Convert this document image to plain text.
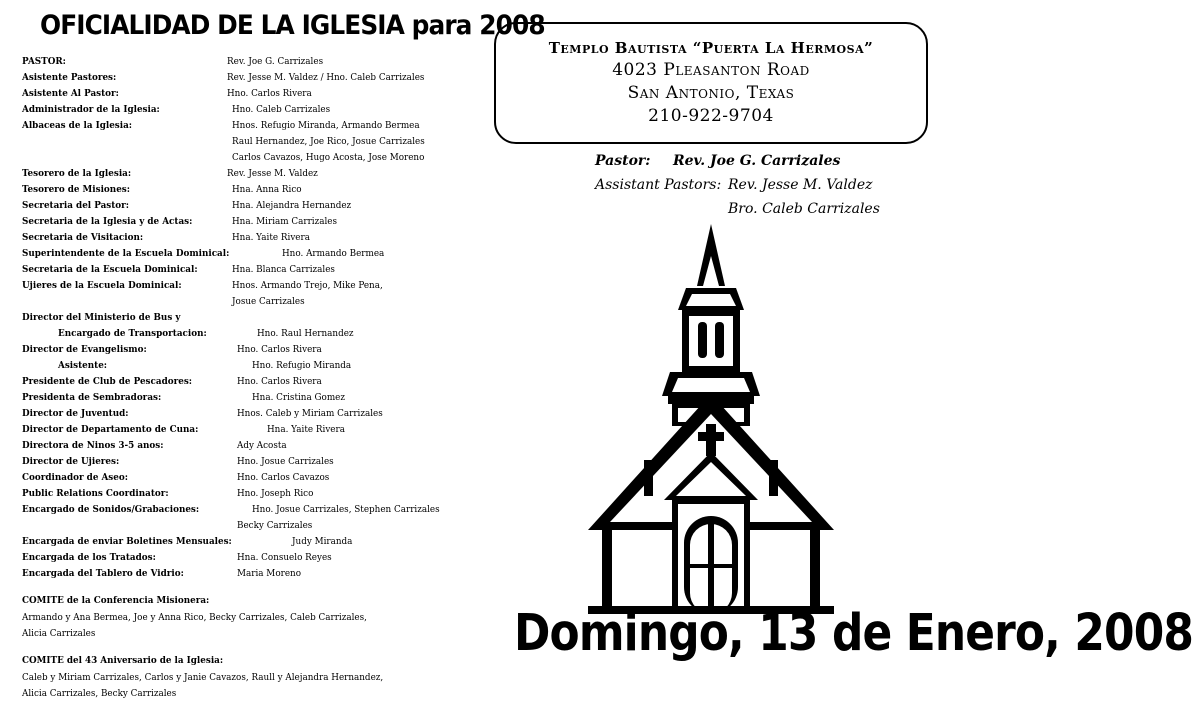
OFICIALIDAD DE LA IGLESIA para 2008
PASTOR:	Rev. Joe G. Carrizales
Asistente Pastores:	Rev. Jesse M. Valdez / Hno. Caleb Carrizales
Asistente Al Pastor:	Hno. Carlos Rivera
Administrador de la Iglesia:	Hno. Caleb Carrizales
Albaceas de la Iglesia:	Hnos. Refugio Miranda, Armando Bermea
Raul Hernandez, Joe Rico, Josue Carrizales
Carlos Cavazos, Hugo Acosta, Jose Moreno
Tesorero de la Iglesia:	Rev. Jesse M. Valdez
Tesorero de Misiones:	Hna. Anna Rico
Secretaria del Pastor:	Hna. Alejandra Hernandez
Secretaria de la Iglesia y de Actas:	Hna. Miriam Carrizales
Secretaria de Visitacion:	Hna. Yaite Rivera
Superintendente de la Escuela Dominical:	Hno. Armando Bermea
Secretaria de la Escuela Dominical:	Hna. Blanca Carrizales
Ujieres de la Escuela Dominical:	Hnos. Armando Trejo, Mike Pena,
Josue Carrizales
Director del Ministerio de Bus y
Encargado de Transportacion:	Hno. Raul Hernandez
Director de Evangelismo:	Hno. Carlos Rivera
Asistente:	Hno. Refugio Miranda
Presidente de Club de Pescadores:	Hno. Carlos Rivera
Presidenta de Sembradoras:	Hna. Cristina Gomez
Director de Juventud:	Hnos. Caleb y Miriam Carrizales
Director de Departamento de Cuna:	Hna. Yaite Rivera
Directora de Ninos 3-5 anos:	Ady Acosta
Director de Ujieres:	Hno. Josue Carrizales
Coordinador de Aseo:	Hno. Carlos Cavazos
Public Relations Coordinator:	Hno. Joseph Rico
Encargado de Sonidos/Grabaciones:	Hno. Josue Carrizales, Stephen Carrizales
Becky Carrizales
Encargada de enviar Boletines Mensuales:	Judy Miranda
Encargada de los Tratados:	Hna. Consuelo Reyes
Encargada del Tablero de Vidrio:	Maria Moreno
COMITE de la Conferencia Misionera:
Armando y Ana Bermea, Joe y Anna Rico, Becky Carrizales, Caleb Carrizales,
Alicia Carrizales
COMITE del 43 Aniversario de la Iglesia:
Caleb y Miriam Carrizales, Carlos y Janie Cavazos, Raull y Alejandra Hernandez,
Alicia Carrizales, Becky Carrizales
Templo Bautista “Puerta La Hermosa”
4023 Pleasanton Road
San Antonio, Texas
210-922-9704
Pastor: Rev. Joe G. Carrizales
Assistant Pastors: Rev. Jesse M. Valdez
Bro. Caleb Carrizales
Domingo, 13 de Enero, 2008
